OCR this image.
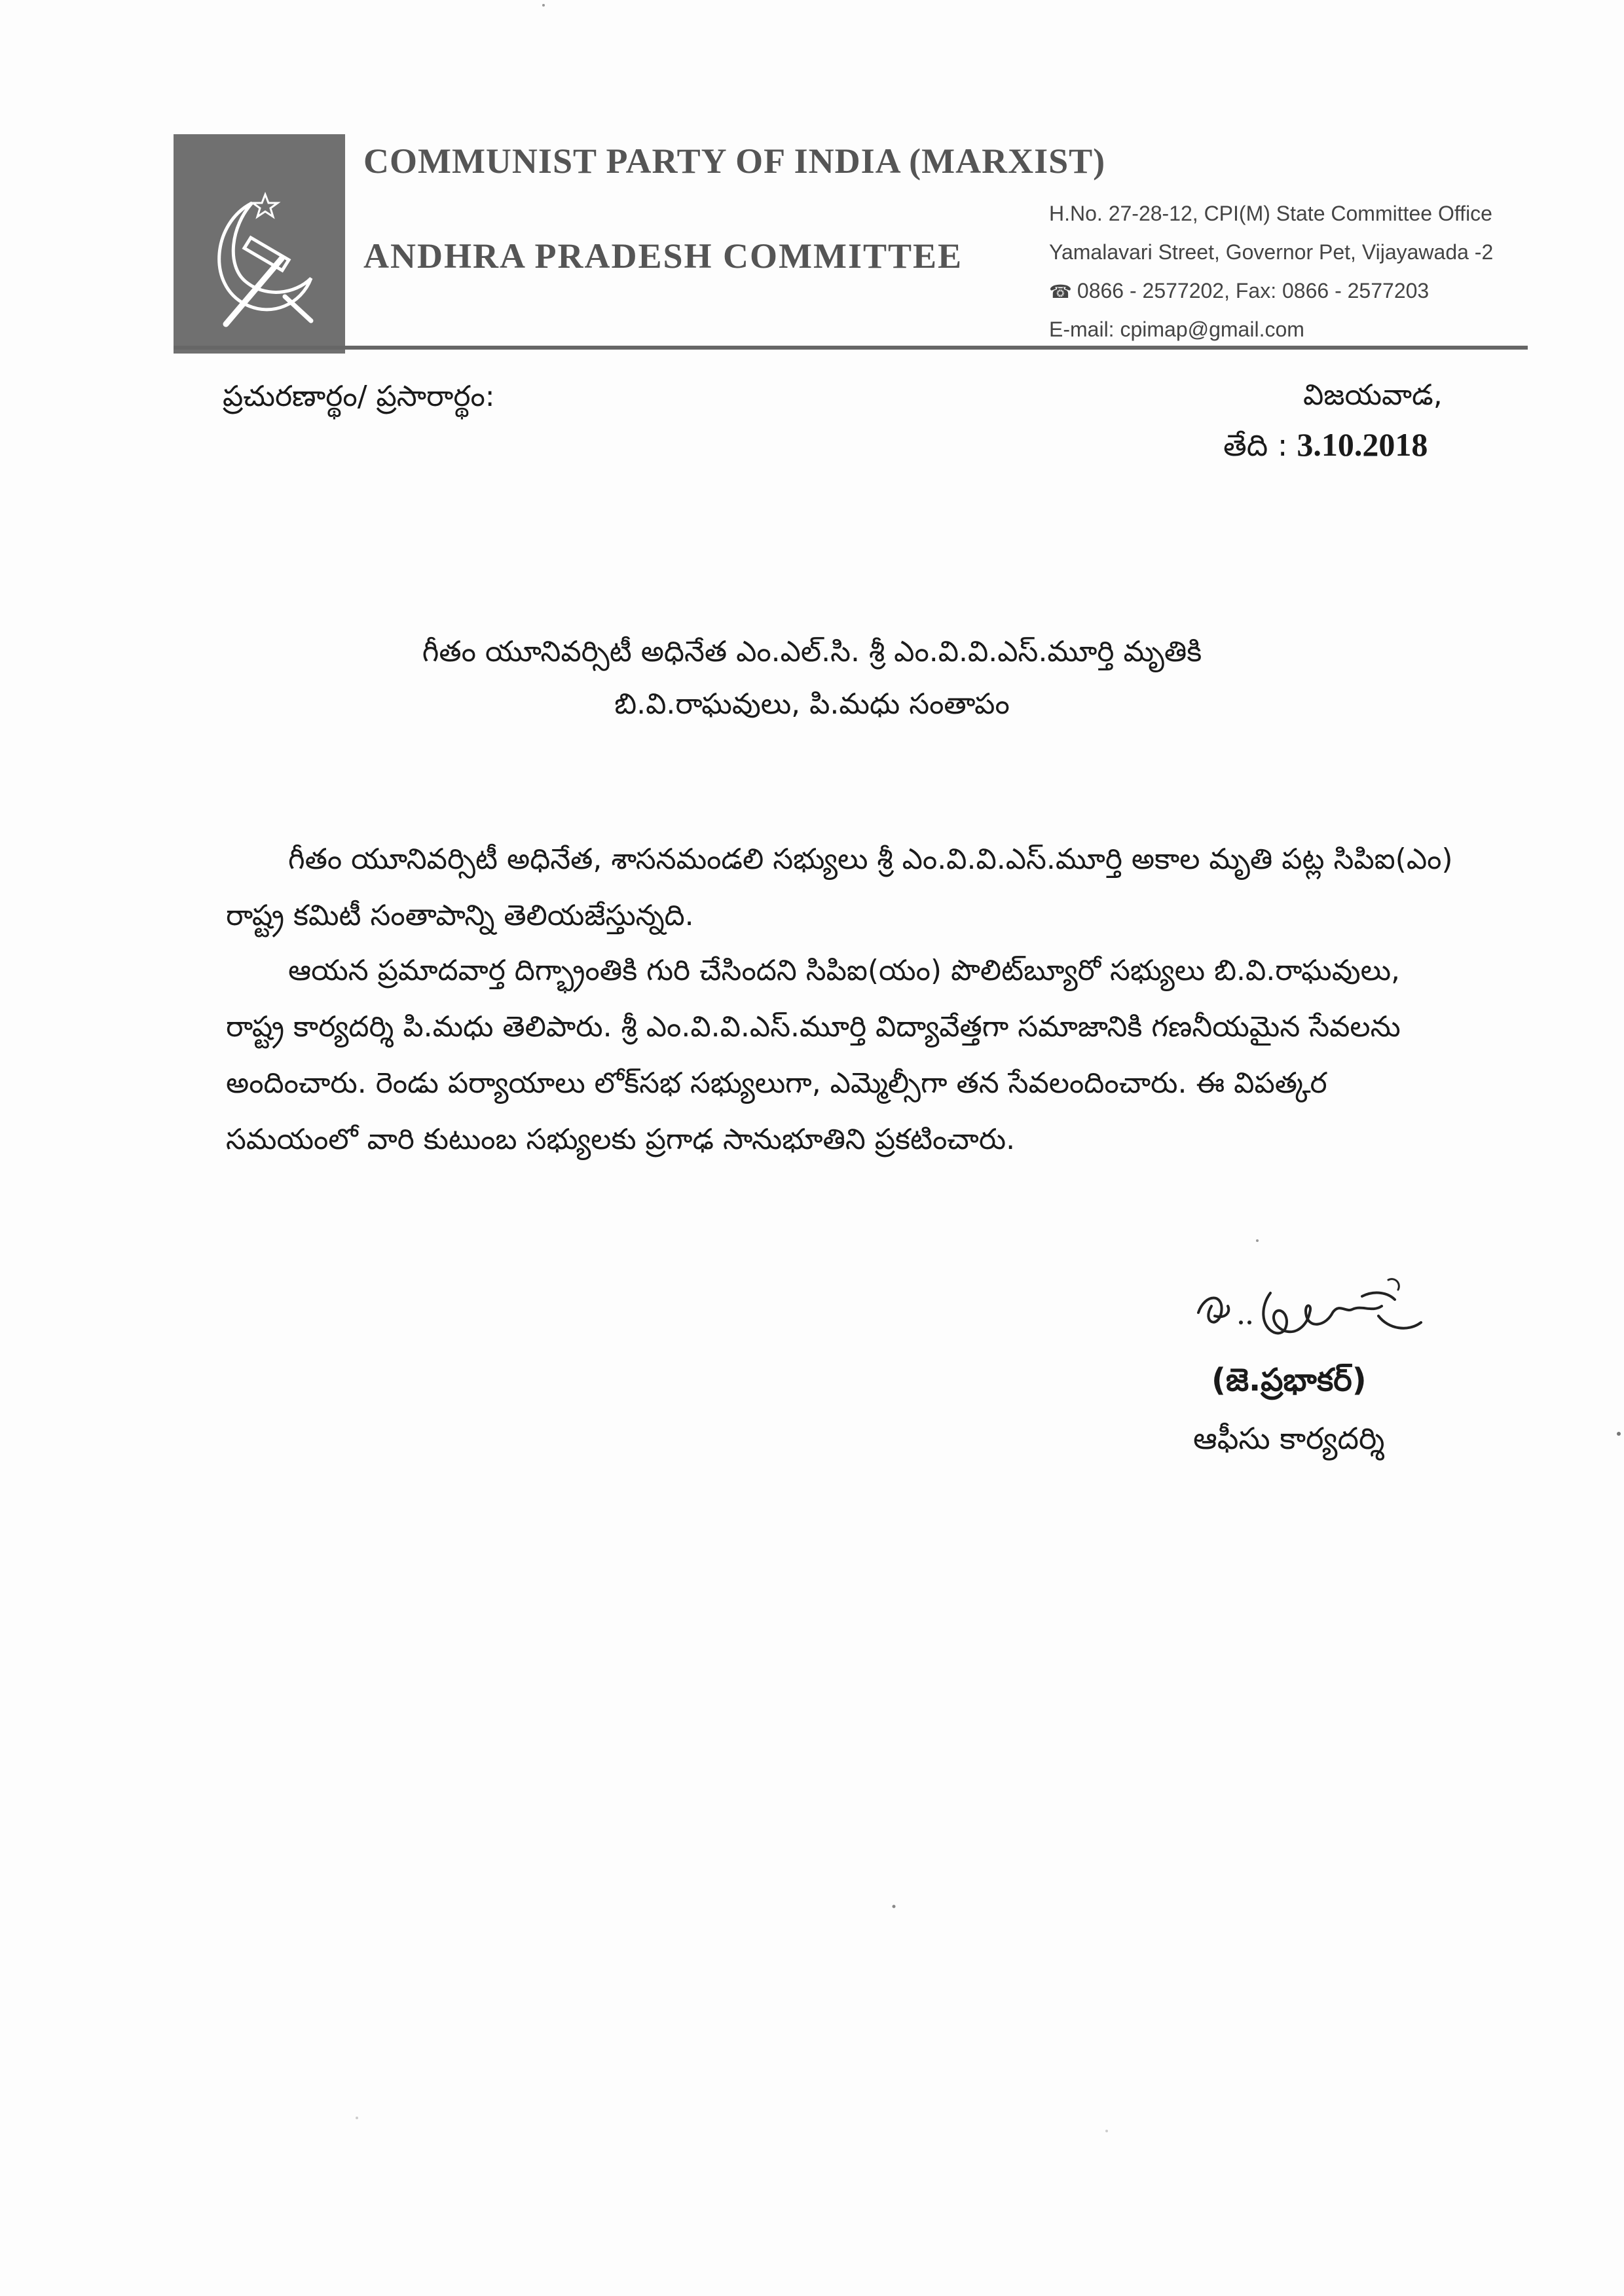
COMMUNIST PARTY OF INDIA (MARXIST)
ANDHRA PRADESH COMMITTEE
H.No. 27-28-12, CPI(M) State Committee Office
Yamalavari Street, Governor Pet, Vijayawada -2
☎ 0866 - 2577202, Fax: 0866 - 2577203
E-mail: cpimap@gmail.com
ప్రచురణార్థం/ ప్రసారార్థం:	విజయవాడ,
తేది : 3.10.2018
గీతం యూనివర్సిటీ అధినేత ఎం.ఎల్.సి. శ్రీ ఎం.వి.వి.ఎస్.మూర్తి మృతికి
బి.వి.రాఘవులు, పి.మధు సంతాపం

గీతం యూనివర్సిటీ అధినేత, శాసనమండలి సభ్యులు శ్రీ ఎం.వి.వి.ఎస్.మూర్తి అకాల మృతి పట్ల సిపిఐ(ఎం) రాష్ట్ర కమిటీ సంతాపాన్ని తెలియజేస్తున్నది.

ఆయన ప్రమాదవార్త దిగ్భ్రాంతికి గురి చేసిందని సిపిఐ(యం) పొలిట్‌బ్యూరో సభ్యులు బి.వి.రాఘవులు, రాష్ట్ర కార్యదర్శి పి.మధు తెలిపారు. శ్రీ ఎం.వి.వి.ఎస్.మూర్తి విద్యావేత్తగా సమాజానికి గణనీయమైన సేవలను అందించారు. రెండు పర్యాయాలు లోక్‌సభ సభ్యులుగా, ఎమ్మెల్సీగా తన సేవలందించారు. ఈ విపత్కర సమయంలో వారి కుటుంబ సభ్యులకు ప్రగాఢ సానుభూతిని ప్రకటించారు.

(జె.ప్రభాకర్)
ఆఫీసు కార్యదర్శి
